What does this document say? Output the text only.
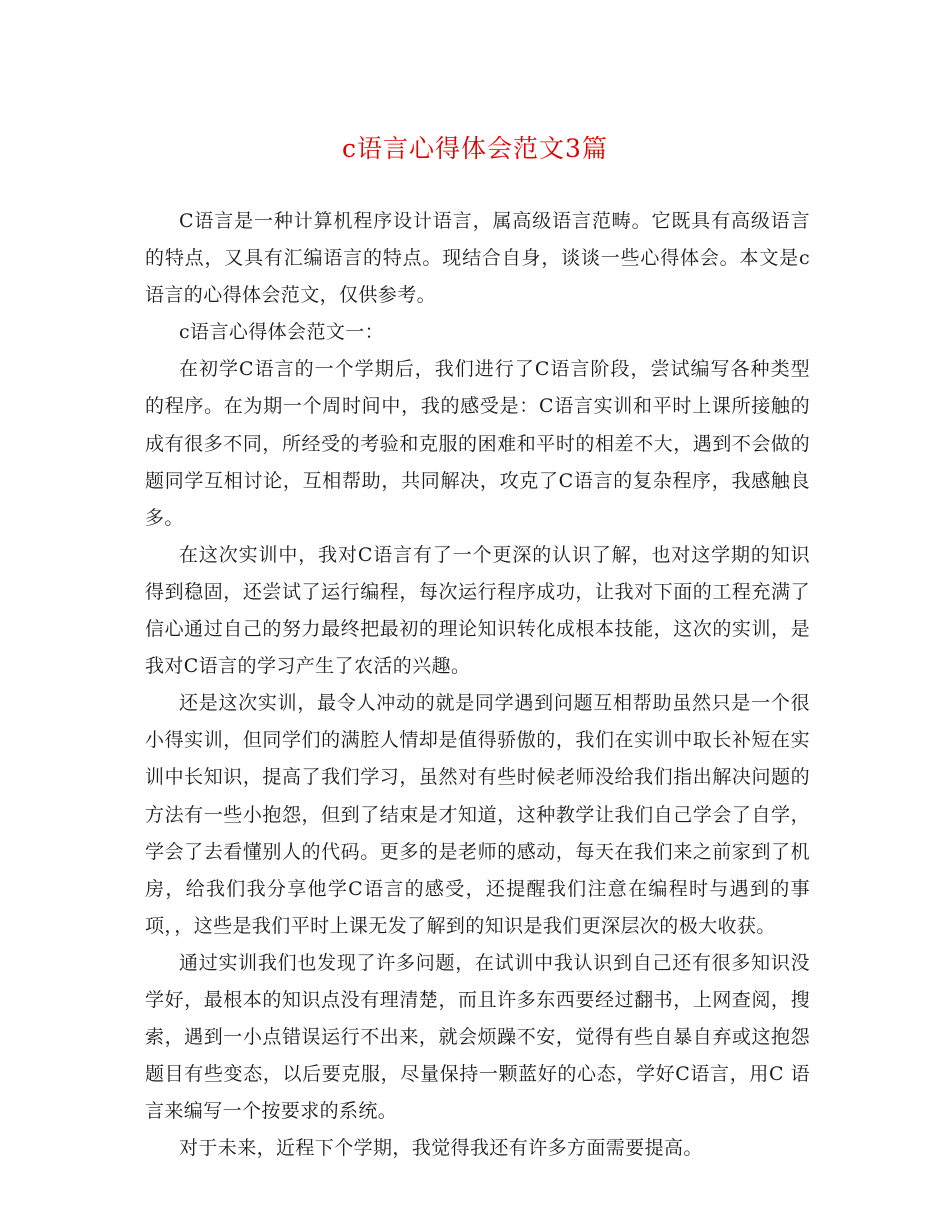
c语言心得体会范文3篇

C语言是一种计算机程序设计语言，属高级语言范畴。它既具有高级语言的特点，又具有汇编语言的特点。现结合自身，谈谈一些心得体会。本文是c语言的心得体会范文，仅供参考。

c语言心得体会范文一：

在初学C语言的一个学期后，我们进行了C语言阶段，尝试编写各种类型的程序。在为期一个周时间中，我的感受是：C语言实训和平时上课所接触的成有很多不同，所经受的考验和克服的困难和平时的相差不大，遇到不会做的题同学互相讨论，互相帮助，共同解决，攻克了C语言的复杂程序，我感触良多。

在这次实训中，我对C语言有了一个更深的认识了解，也对这学期的知识得到稳固，还尝试了运行编程，每次运行程序成功，让我对下面的工程充满了信心通过自己的努力最终把最初的理论知识转化成根本技能，这次的实训，是我对C语言的学习产生了农活的兴趣。

还是这次实训，最令人冲动的就是同学遇到问题互相帮助虽然只是一个很小得实训，但同学们的满腔人情却是值得骄傲的，我们在实训中取长补短在实训中长知识，提高了我们学习，虽然对有些时候老师没给我们指出解决问题的方法有一些小抱怨，但到了结束是才知道，这种教学让我们自己学会了自学，学会了去看懂别人的代码。更多的是老师的感动，每天在我们来之前家到了机房，给我们我分享他学C语言的感受，还提醒我们注意在编程时与遇到的事项，，这些是我们平时上课无发了解到的知识是我们更深层次的极大收获。

通过实训我们也发现了许多问题，在试训中我认识到自己还有很多知识没学好，最根本的知识点没有理清楚，而且许多东西要经过翻书，上网查阅，搜索，遇到一小点错误运行不出来，就会烦躁不安，觉得有些自暴自弃或这抱怨题目有些变态，以后要克服，尽量保持一颗蓝好的心态，学好C语言，用C 语言来编写一个按要求的系统。

对于未来，近程下个学期，我觉得我还有许多方面需要提高。
